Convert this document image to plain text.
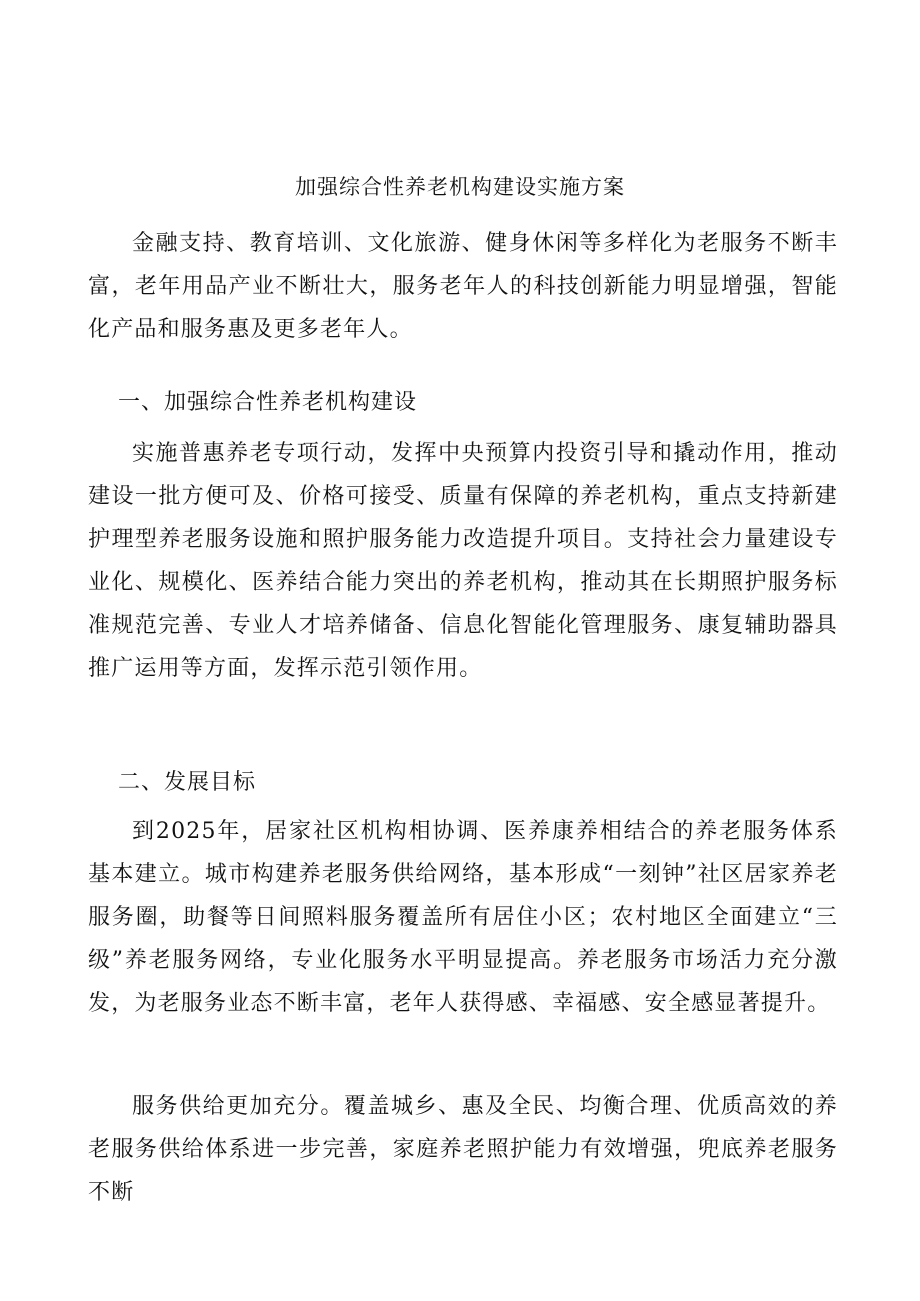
加强综合性养老机构建设实施方案

金融支持、教育培训、文化旅游、健身休闲等多样化为老服务不断丰富，老年用品产业不断壮大，服务老年人的科技创新能力明显增强，智能化产品和服务惠及更多老年人。

一、加强综合性养老机构建设

实施普惠养老专项行动，发挥中央预算内投资引导和撬动作用，推动建设一批方便可及、价格可接受、质量有保障的养老机构，重点支持新建护理型养老服务设施和照护服务能力改造提升项目。支持社会力量建设专业化、规模化、医养结合能力突出的养老机构，推动其在长期照护服务标准规范完善、专业人才培养储备、信息化智能化管理服务、康复辅助器具推广运用等方面，发挥示范引领作用。

二、发展目标

到2025年，居家社区机构相协调、医养康养相结合的养老服务体系基本建立。城市构建养老服务供给网络，基本形成“一刻钟”社区居家养老服务圈，助餐等日间照料服务覆盖所有居住小区；农村地区全面建立“三级”养老服务网络，专业化服务水平明显提高。养老服务市场活力充分激发，为老服务业态不断丰富，老年人获得感、幸福感、安全感显著提升。

服务供给更加充分。覆盖城乡、惠及全民、均衡合理、优质高效的养老服务供给体系进一步完善，家庭养老照护能力有效增强，兜底养老服务不断
